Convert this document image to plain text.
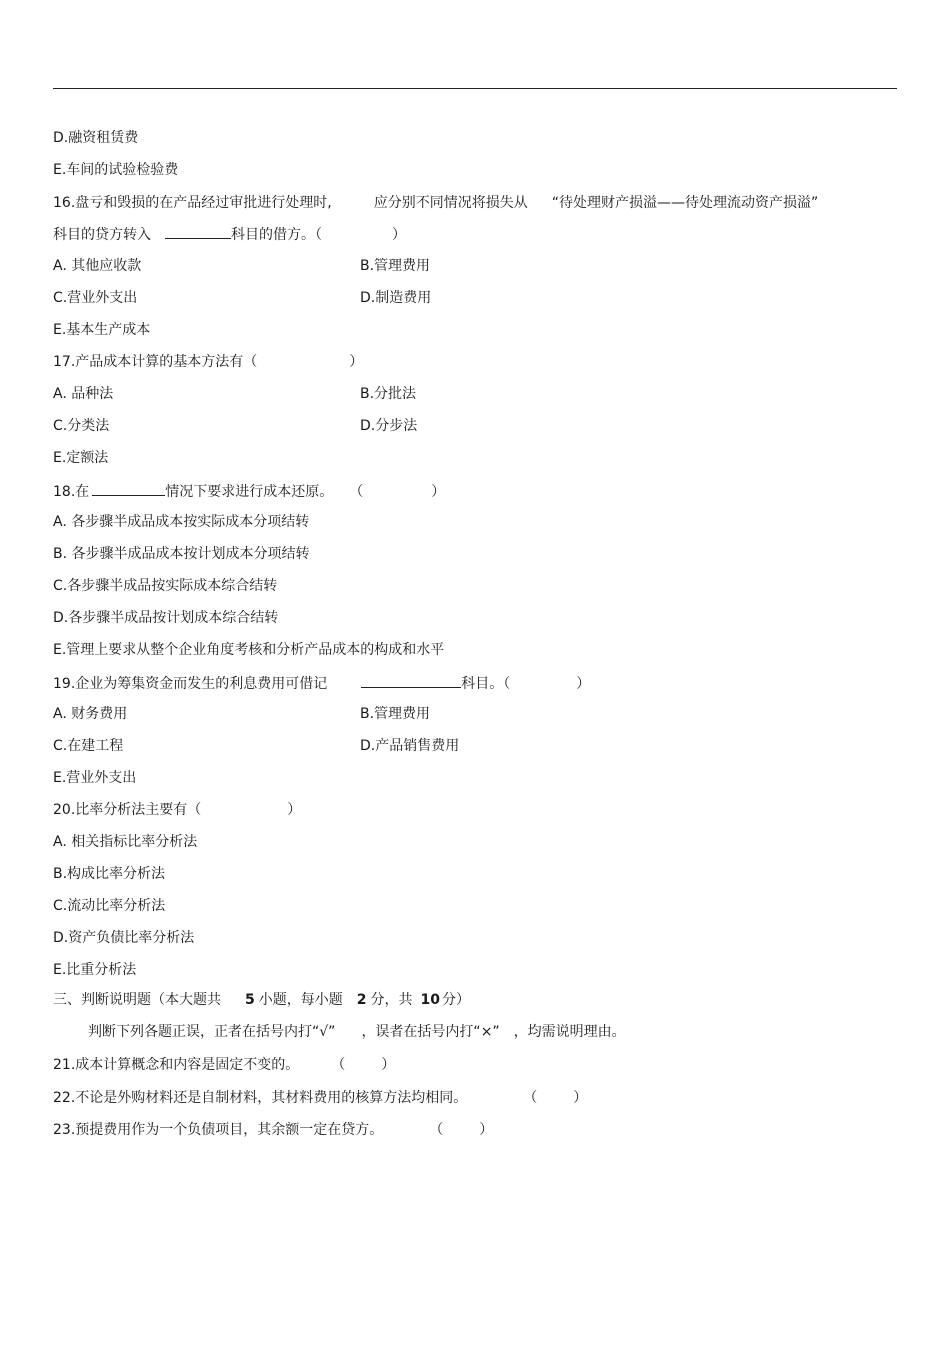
D.融资租赁费
E.车间的试验检验费
16.盘亏和毁损的在产品经过审批进行处理时,	应分别不同情况将损失从 “待处理财产损溢——待处理流动资产损溢”
科目的贷方转入	科目的借方。（	）
A. 其他应收款	B.管理费用
C.营业外支出	D.制造费用
E.基本生产成本
17.产品成本计算的基本方法有（	）
A. 品种法	B.分批法
C.分类法	D.分步法
E.定额法
18.在	情况下要求进行成本还原。 （	）
A. 各步骤半成品成本按实际成本分项结转
B. 各步骤半成品成本按计划成本分项结转
C.各步骤半成品按实际成本综合结转
D.各步骤半成品按计划成本综合结转
E.管理上要求从整个企业角度考核和分析产品成本的构成和水平
19.企业为筹集资金而发生的利息费用可借记	科目。（	）
A. 财务费用	B.管理费用
C.在建工程	D.产品销售费用
E.营业外支出
20.比率分析法主要有（	）
A. 相关指标比率分析法
B.构成比率分析法
C.流动比率分析法
D.资产负债比率分析法
E.比重分析法
三、判断说明题（本大题共 5 小题，每小题 2 分，共 10 分）
判断下列各题正误，正者在括号内打“√” ，误者在括号内打“×” ，均需说明理由。
21.成本计算概念和内容是固定不变的。 （	）
22.不论是外购材料还是自制材料，其材料费用的核算方法均相同。	（	）
23.预提费用作为一个负债项目，其余额一定在贷方。	（	）
